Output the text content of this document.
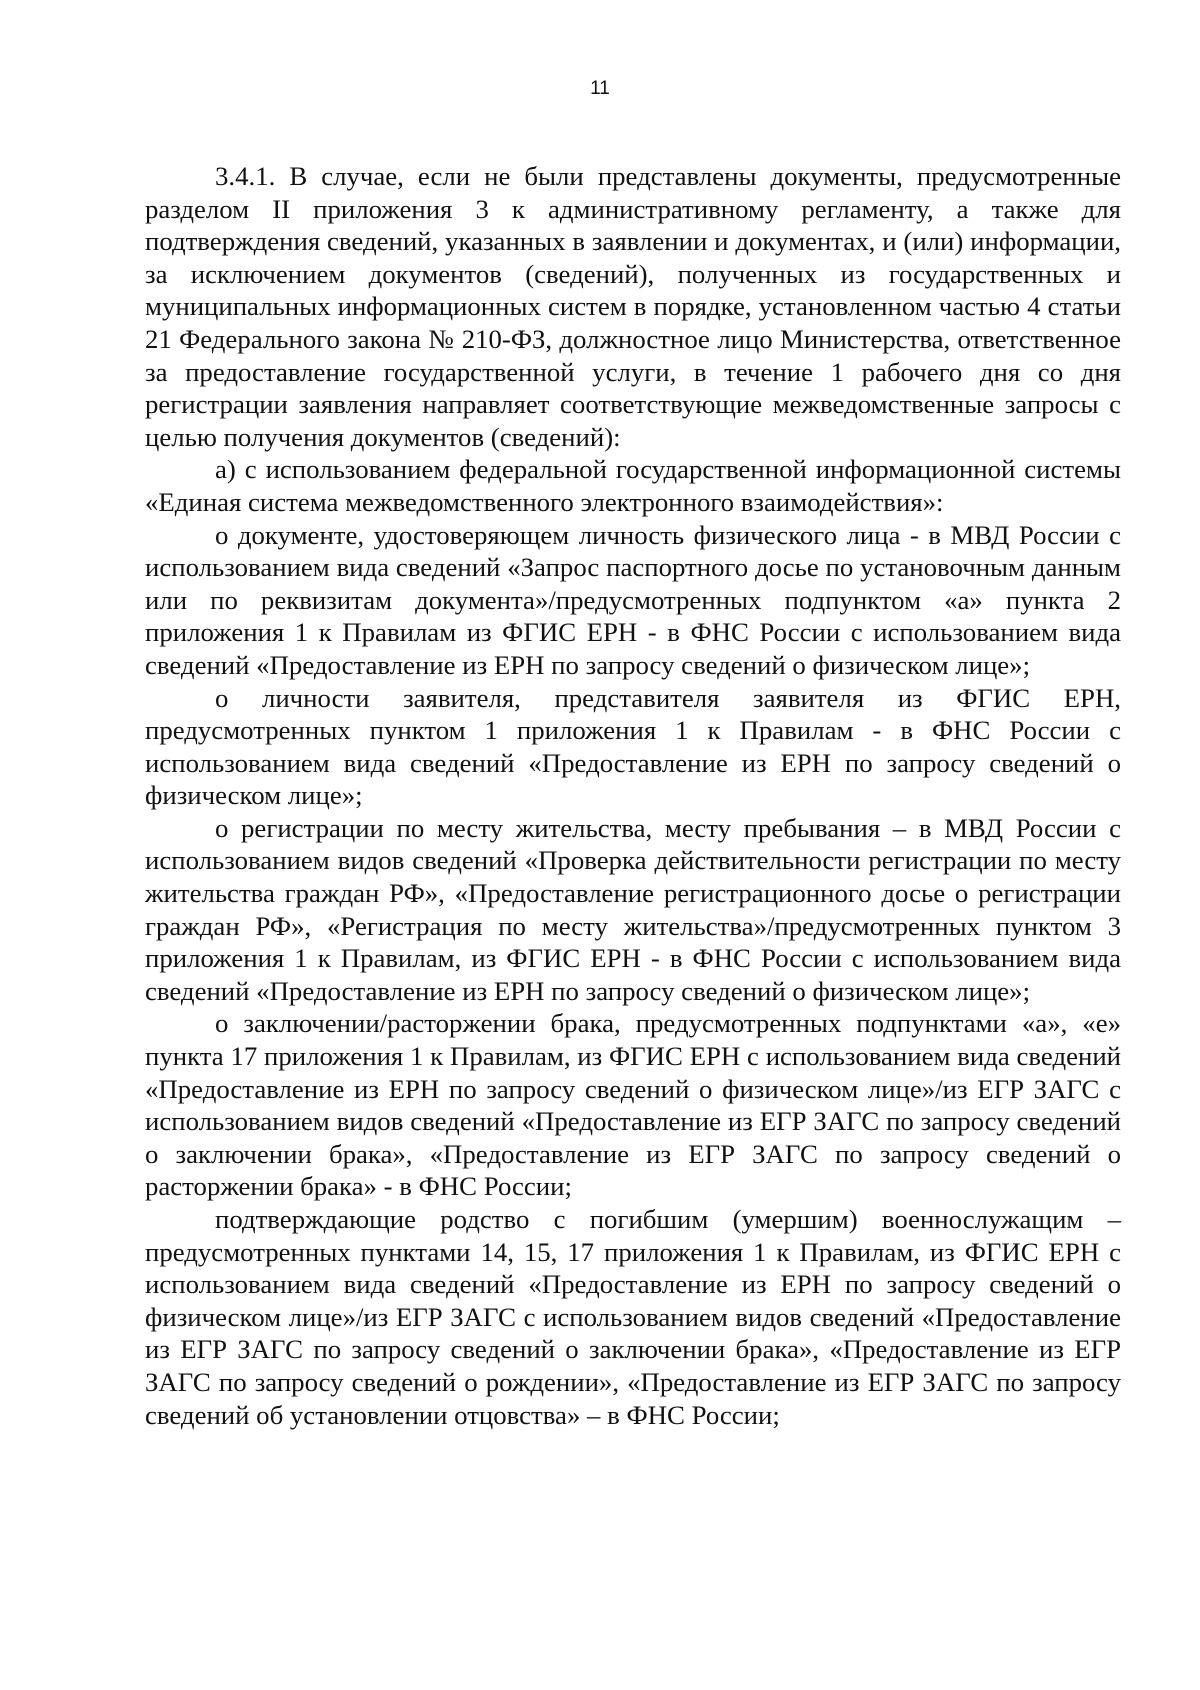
11

3.4.1. В случае, если не были представлены документы, предусмотренные разделом II приложения 3 к административному регламенту, а также для подтверждения сведений, указанных в заявлении и документах, и (или) информации, за исключением документов (сведений), полученных из государственных и муниципальных информационных систем в порядке, установленном частью 4 статьи 21 Федерального закона № 210-ФЗ, должностное лицо Министерства, ответственное за предоставление государственной услуги, в течение 1 рабочего дня со дня регистрации заявления направляет соответствующие межведомственные запросы с целью получения документов (сведений):

а) с использованием федеральной государственной информационной системы «Единая система межведомственного электронного взаимодействия»:

о документе, удостоверяющем личность физического лица - в МВД России с использованием вида сведений «Запрос паспортного досье по установочным данным или по реквизитам документа»/предусмотренных подпунктом «а» пункта 2 приложения 1 к Правилам из ФГИС ЕРН - в ФНС России с использованием вида сведений «Предоставление из ЕРН по запросу сведений о физическом лице»;

о личности заявителя, представителя заявителя из ФГИС ЕРН, предусмотренных пунктом 1 приложения 1 к Правилам - в ФНС России с использованием вида сведений «Предоставление из ЕРН по запросу сведений о физическом лице»;

о регистрации по месту жительства, месту пребывания – в МВД России с использованием видов сведений «Проверка действительности регистрации по месту жительства граждан РФ», «Предоставление регистрационного досье о регистрации граждан РФ», «Регистрация по месту жительства»/предусмотренных пунктом 3 приложения 1 к Правилам, из ФГИС ЕРН - в ФНС России с использованием вида сведений «Предоставление из ЕРН по запросу сведений о физическом лице»;

о заключении/расторжении брака, предусмотренных подпунктами «а», «е» пункта 17 приложения 1 к Правилам, из ФГИС ЕРН с использованием вида сведений «Предоставление из ЕРН по запросу сведений о физическом лице»/из ЕГР ЗАГС с использованием видов сведений «Предоставление из ЕГР ЗАГС по запросу сведений о заключении брака», «Предоставление из ЕГР ЗАГС по запросу сведений о расторжении брака» - в ФНС России;

подтверждающие родство с погибшим (умершим) военнослужащим – предусмотренных пунктами 14, 15, 17 приложения 1 к Правилам, из ФГИС ЕРН с использованием вида сведений «Предоставление из ЕРН по запросу сведений о физическом лице»/из ЕГР ЗАГС с использованием видов сведений «Предоставление из ЕГР ЗАГС по запросу сведений о заключении брака», «Предоставление из ЕГР ЗАГС по запросу сведений о рождении», «Предоставление из ЕГР ЗАГС по запросу сведений об установлении отцовства» – в ФНС России;
